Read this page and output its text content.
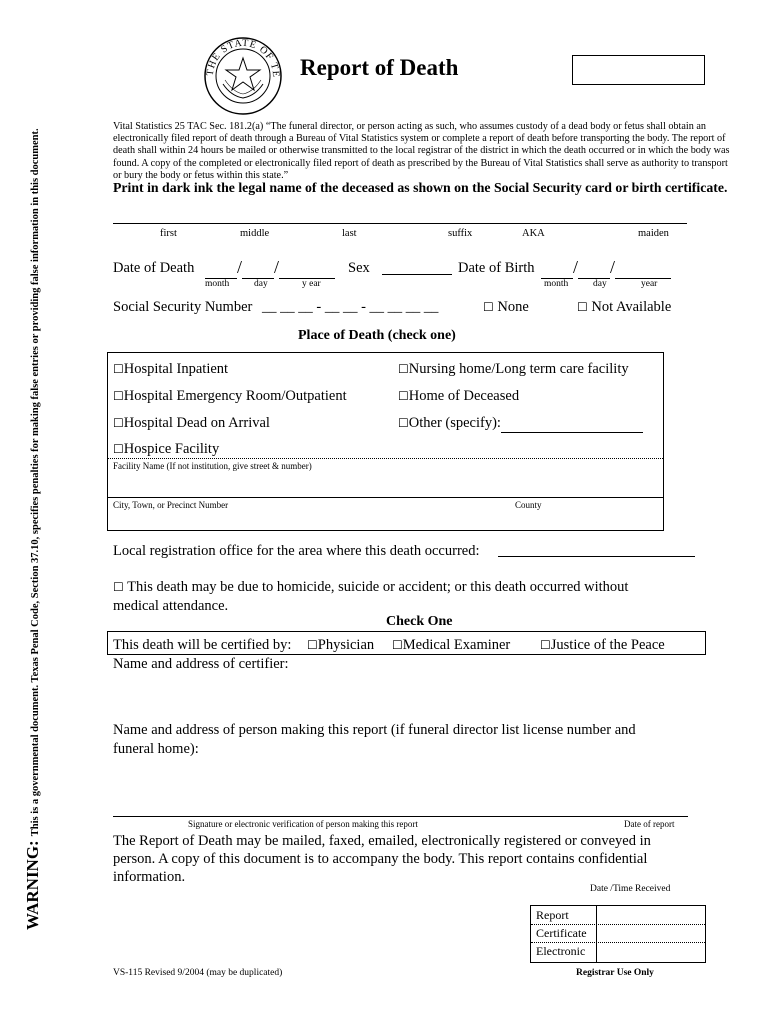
WARNING: This is a governmental document. Texas Penal Code, Section 37.10, specifies penalties for making false entries or providing false information in this document.
THE STATE OF TE Report of Death
Vital Statistics 25 TAC Sec. 181.2(a) “The funeral director, or person acting as such, who assumes custody of a dead body or fetus shall obtain an electronically filed report of death through a Bureau of Vital Statistics system or complete a report of death before transporting the body. The report of death shall within 24 hours be mailed or otherwise transmitted to the local registrar of the district in which the death occurred or in which the body was found. A copy of the completed or electronically filed report of death as prescribed by the Bureau of Vital Statistics shall serve as authority to transport or bury the body or fetus within this state.”
Print in dark ink the legal name of the deceased as shown on the Social Security card or birth certificate.
first	middle	last	suffix	AKA	maiden
Date of Death	/ /
month	day	y ear
Sex	Date of Birth	/ /
month	day	year
Social Security Number __ __ __ - __ __ - __ __ __ __	☐ None	☐ Not Available
Place of Death (check one)
☐Hospital Inpatient
☐Hospital Emergency Room/Outpatient
☐Hospital Dead on Arrival
☐Hospice Facility
☐Nursing home/Long term care facility
☐Home of Deceased
☐Other (specify):
Facility Name (If not institution, give street & number)
City, Town, or Precinct Number	County
Local registration office for the area where this death occurred:
☐ This death may be due to homicide, suicide or accident; or this death occurred without medical attendance.
Check One
This death will be certified by: ☐Physician ☐Medical Examiner ☐Justice of the Peace
Name and address of certifier:
Name and address of person making this report (if funeral director list license number and funeral home):
Signature or electronic verification of person making this report	Date of report
The Report of Death may be mailed, faxed, emailed, electronically registered or conveyed in person. A copy of this document is to accompany the body. This report contains confidential information.
Date /Time Received
Report
Certificate
Electronic
VS-115 Revised 9/2004 (may be duplicated)	Registrar Use Only
